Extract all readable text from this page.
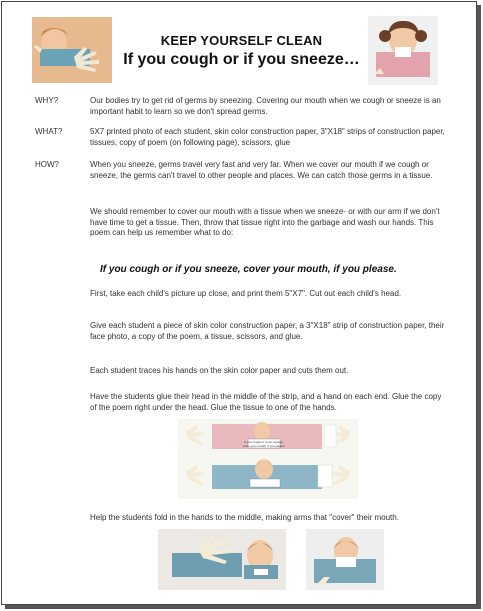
KEEP YOURSELF CLEAN
If you cough or if you sneeze…
WHY?	Our bodies try to get rid of germs by sneezing. Covering our mouth when we cough or sneeze is an important habit to learn so we don't spread germs.
WHAT?	5X7 printed photo of each student, skin color construction paper, 3"X18" strips of construction paper, tissues, copy of poem (on following page), scissors, glue
HOW?	When you sneeze, germs travel very fast and very far. When we cover our mouth if we cough or sneeze, the germs can't travel to other people and places. We can catch those germs in a tissue.
We should remember to cover our mouth with a tissue when we sneeze- or with our arm if we don't have time to get a tissue. Then, throw that tissue right into the garbage and wash our hands. This poem can help us remember what to do:
If you cough or if you sneeze, cover your mouth, if you please.
First, take each child's picture up close, and print them 5"X7". Cut out each child's head.
Give each student a piece of skin color construction paper, a 3"X18" strip of construction paper, their face photo, a copy of the poem, a tissue, scissors, and glue.
Each student traces his hands on the skin color paper and cuts them out.
Have the students glue their head in the middle of the strip, and a hand on each end. Glue the copy of the poem right under the head. Glue the tissue to one of the hands.
If you cough or if you sneeze,
cover your mouth, if you please.
Help the students fold in the hands to the middle, making arms that "cover" their mouth.
